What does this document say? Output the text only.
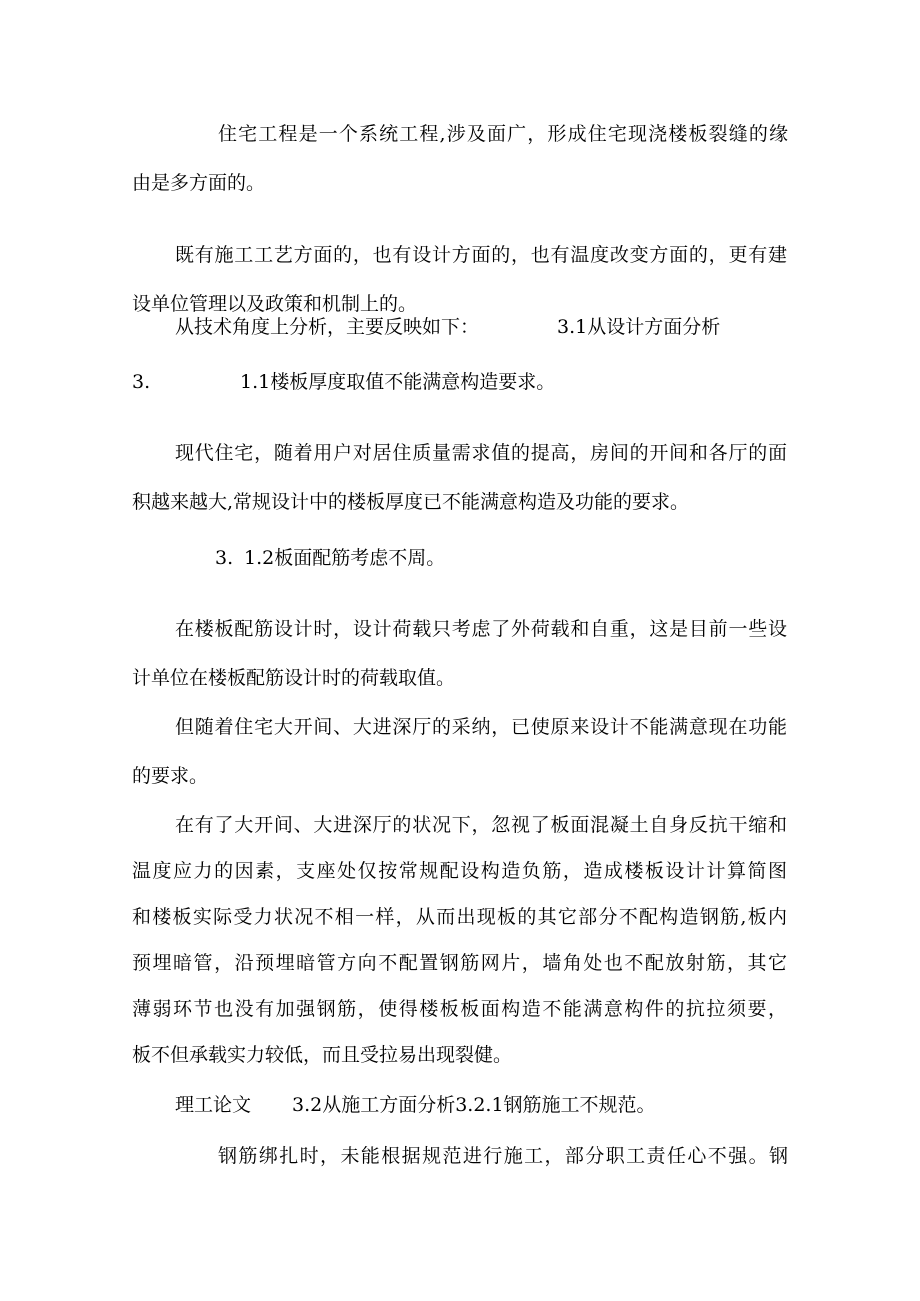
住宅工程是一个系统工程,涉及面广，形成住宅现浇楼板裂缝的缘

由是多方面的。

既有施工工艺方面的，也有设计方面的，也有温度改变方面的，更有建

设单位管理以及政策和机制上的。

从技术角度上分析，主要反映如下：	3.1从设计方面分析
3.	1.1楼板厚度取值不能满意构造要求。

现代住宅，随着用户对居住质量需求值的提高，房间的开间和各厅的面

积越来越大,常规设计中的楼板厚度已不能满意构造及功能的要求。

3. 1.2板面配筋考虑不周。

在楼板配筋设计时，设计荷载只考虑了外荷载和自重，这是目前一些设

计单位在楼板配筋设计时的荷载取值。

但随着住宅大开间、大进深厅的采纳，已使原来设计不能满意现在功能

的要求。

在有了大开间、大进深厅的状况下，忽视了板面混凝土自身反抗干缩和

温度应力的因素，支座处仅按常规配设构造负筋，造成楼板设计计算简图

和楼板实际受力状况不相一样，从而出现板的其它部分不配构造钢筋,板内

预埋暗管，沿预埋暗管方向不配置钢筋网片，墙角处也不配放射筋，其它

薄弱环节也没有加强钢筋，使得楼板板面构造不能满意构件的抗拉须要，

板不但承载实力较低，而且受拉易出现裂健。

理工论文 3.2从施工方面分析3.2.1钢筋施工不规范。

钢筋绑扎时，未能根据规范进行施工，部分职工责任心不强。钢
